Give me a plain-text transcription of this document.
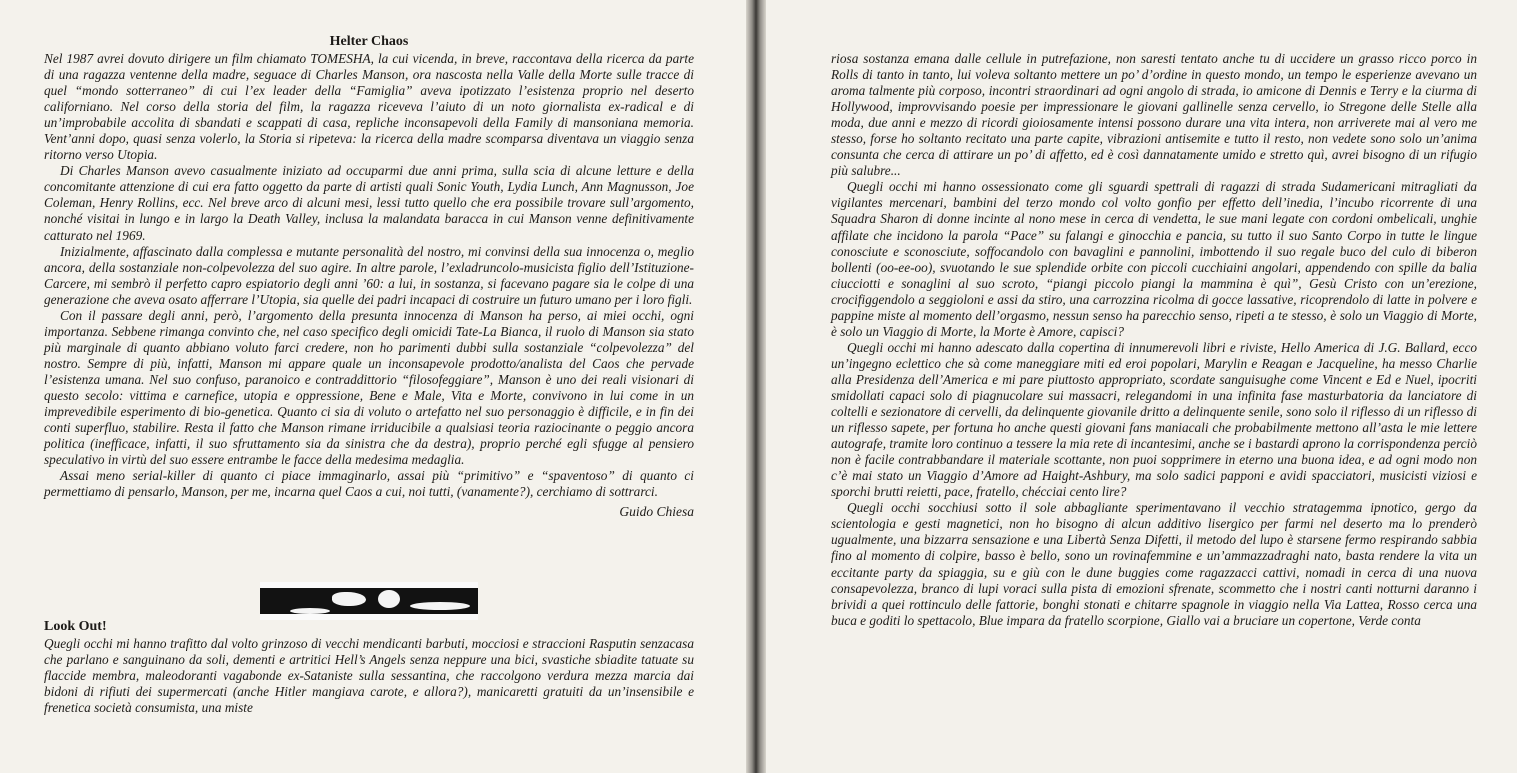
Helter Chaos

Nel 1987 avrei dovuto dirigere un film chiamato TOMESHA, la cui vicenda, in breve, raccontava della ricerca da parte di una ragazza ventenne della madre, seguace di Charles Manson, ora nascosta nella Valle della Morte sulle tracce di quel “mondo sotterraneo” di cui l’ex leader della “Famiglia” aveva ipotizzato l’esistenza proprio nel deserto californiano. Nel corso della storia del film, la ragazza riceveva l’aiuto di un noto giornalista ex-radical e di un’improbabile accolita di sbandati e scappati di casa, repliche inconsapevoli della Family di mansoniana memoria. Vent’anni dopo, quasi senza volerlo, la Storia si ripeteva: la ricerca della madre scomparsa diventava un viaggio senza ritorno verso Utopia.

Di Charles Manson avevo casualmente iniziato ad occuparmi due anni prima, sulla scia di alcune letture e della concomitante attenzione di cui era fatto oggetto da parte di artisti quali Sonic Youth, Lydia Lunch, Ann Magnusson, Joe Coleman, Henry Rollins, ecc. Nel breve arco di alcuni mesi, lessi tutto quello che era possibile trovare sull’argomento, nonché visitai in lungo e in largo la Death Valley, inclusa la malandata baracca in cui Manson venne definitivamente catturato nel 1969.

Inizialmente, affascinato dalla complessa e mutante personalità del nostro, mi convinsi della sua innocenza o, meglio ancora, della sostanziale non-colpevolezza del suo agire. In altre parole, l’exladruncolo-musicista figlio dell’Istituzione-Carcere, mi sembrò il perfetto capro espiatorio degli anni ’60: a lui, in sostanza, si facevano pagare sia le colpe di una generazione che aveva osato afferrare l’Utopia, sia quelle dei padri incapaci di costruire un futuro umano per i loro figli.

Con il passare degli anni, però, l’argomento della presunta innocenza di Manson ha perso, ai miei occhi, ogni importanza. Sebbene rimanga convinto che, nel caso specifico degli omicidi Tate-La Bianca, il ruolo di Manson sia stato più marginale di quanto abbiano voluto farci credere, non ho parimenti dubbi sulla sostanziale “colpevolezza” del nostro. Sempre di più, infatti, Manson mi appare quale un inconsapevole prodotto/analista del Caos che pervade l’esistenza umana. Nel suo confuso, paranoico e contraddittorio “filosofeggiare”, Manson è uno dei reali visionari di questo secolo: vittima e carnefice, utopia e oppressione, Bene e Male, Vita e Morte, convivono in lui come in un imprevedibile esperimento di bio-genetica. Quanto ci sia di voluto o artefatto nel suo personaggio è difficile, e in fin dei conti superfluo, stabilire. Resta il fatto che Manson rimane irriducibile a qualsiasi teoria raziocinante o peggio ancora politica (inefficace, infatti, il suo sfruttamento sia da sinistra che da destra), proprio perché egli sfugge al pensiero speculativo in virtù del suo essere entrambe le facce della medesima medaglia.

Assai meno serial-killer di quanto ci piace immaginarlo, assai più “primitivo” e “spaventoso” di quanto ci permettiamo di pensarlo, Manson, per me, incarna quel Caos a cui, noi tutti, (vanamente?), cerchiamo di sottrarci.

Guido Chiesa
Look Out!
Quegli occhi mi hanno trafitto dal volto grinzoso di vecchi mendicanti barbuti, mocciosi e straccioni Rasputin senzacasa che parlano e sanguinano da soli, dementi e artritici Hell’s Angels senza neppure una bici, svastiche sbiadite tatuate su flaccide membra, maleodoranti vagabonde ex-Sataniste sulla sessantina, che raccolgono verdura mezza marcia dai bidoni di rifiuti dei supermercati (anche Hitler mangiava carote, e allora?), manicaretti gratuiti da un’insensibile e frenetica società consumista, una miste

riosa sostanza emana dalle cellule in putrefazione, non saresti tentato anche tu di uccidere un grasso ricco porco in Rolls di tanto in tanto, lui voleva soltanto mettere un po’ d’ordine in questo mondo, un tempo le esperienze avevano un aroma talmente più corposo, incontri straordinari ad ogni angolo di strada, io amicone di Dennis e Terry e la ciurma di Hollywood, improvvisando poesie per impressionare le giovani gallinelle senza cervello, io Stregone delle Stelle alla moda, due anni e mezzo di ricordi gioiosamente intensi possono durare una vita intera, non arriverete mai al vero me stesso, forse ho soltanto recitato una parte capite, vibrazioni antisemite e tutto il resto, non vedete sono solo un’anima consunta che cerca di attirare un po’ di affetto, ed è così dannatamente umido e stretto quì, avrei bisogno di un rifugio più salubre...

Quegli occhi mi hanno ossessionato come gli sguardi spettrali di ragazzi di strada Sudamericani mitragliati da vigilantes mercenari, bambini del terzo mondo col volto gonfio per effetto dell’inedia, l’incubo ricorrente di una Squadra Sharon di donne incinte al nono mese in cerca di vendetta, le sue mani legate con cordoni ombelicali, unghie affilate che incidono la parola “Pace” su falangi e ginocchia e pancia, su tutto il suo Santo Corpo in tutte le lingue conosciute e sconosciute, soffocandolo con bavaglini e pannolini, imbottendo il suo regale buco del culo di biberon bollenti (oo-ee-oo), svuotando le sue splendide orbite con piccoli cucchiaini angolari, appendendo con spille da balia ciucciotti e sonaglini al suo scroto, “piangi piccolo piangi la mammina è quì”, Gesù Cristo con un’erezione, crocifiggendolo a seggioloni e assi da stiro, una carrozzina ricolma di gocce lassative, ricoprendolo di latte in polvere e pappine miste al momento dell’orgasmo, nessun senso ha parecchio senso, ripeti a te stesso, è solo un Viaggio di Morte, è solo un Viaggio di Morte, la Morte è Amore, capisci?

Quegli occhi mi hanno adescato dalla copertina di innumerevoli libri e riviste, Hello America di J.G. Ballard, ecco un’ingegno eclettico che sà come maneggiare miti ed eroi popolari, Marylin e Reagan e Jacqueline, ha messo Charlie alla Presidenza dell’America e mi pare piuttosto appropriato, scordate sanguisughe come Vincent e Ed e Nuel, ipocriti smidollati capaci solo di piagnucolare sui massacri, relegandomi in una infinita fase masturbatoria da lanciatore di coltelli e sezionatore di cervelli, da delinquente giovanile dritto a delinquente senile, sono solo il riflesso di un riflesso di un riflesso sapete, per fortuna ho anche questi giovani fans maniacali che probabilmente mettono all’asta le mie lettere autografe, tramite loro continuo a tessere la mia rete di incantesimi, anche se i bastardi aprono la corrispondenza perciò non è facile contrabbandare il materiale scottante, non puoi sopprimere in eterno una buona idea, e ad ogni modo non c’è mai stato un Viaggio d’Amore ad Haight-Ashbury, ma solo sadici papponi e avidi spacciatori, musicisti viziosi e sporchi brutti reietti, pace, fratello, chécciai cento lire?

Quegli occhi socchiusi sotto il sole abbagliante sperimentavano il vecchio stratagemma ipnotico, gergo da scientologia e gesti magnetici, non ho bisogno di alcun additivo lisergico per farmi nel deserto ma lo prenderò ugualmente, una bizzarra sensazione e una Libertà Senza Difetti, il metodo del lupo è starsene fermo respirando sabbia fino al momento di colpire, basso è bello, sono un rovinafemmine e un’ammazzadraghi nato, basta rendere la vita un eccitante party da spiaggia, su e giù con le dune buggies come ragazzacci cattivi, nomadi in cerca di una nuova consapevolezza, branco di lupi voraci sulla pista di emozioni sfrenate, scommetto che i nostri canti notturni daranno i brividi a quei rottinculo delle fattorie, bonghi stonati e chitarre spagnole in viaggio nella Via Lattea, Rosso cerca una buca e goditi lo spettacolo, Blue impara da fratello scorpione, Giallo vai a bruciare un copertone, Verde conta
